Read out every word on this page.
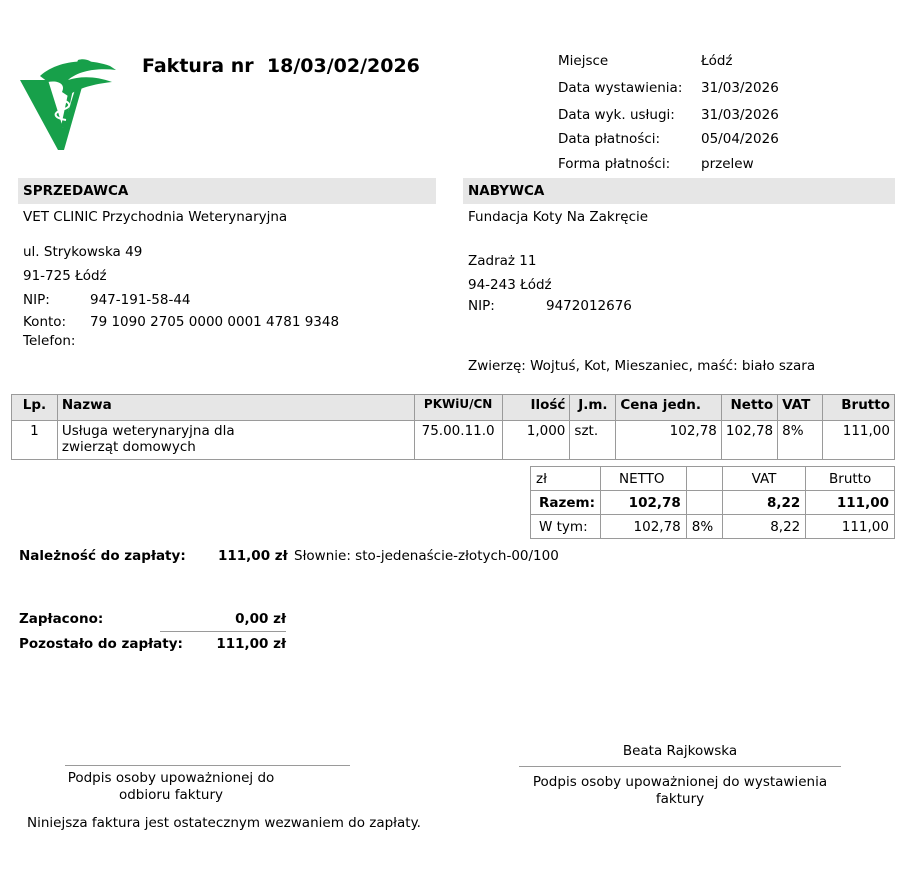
Faktura nr 18/03/02/2026	Miejsce	Łódź
Data wystawienia: 31/03/2026
Data wyk. usługi: 31/03/2026
Data płatności:	05/04/2026
Forma płatności: przelew
SPRZEDAWCA
VET CLINIC Przychodnia Weterynaryjna
ul. Strykowska 49
91-725 Łódź
NIP:	947-191-58-44
Konto: 79 1090 2705 0000 0001 4781 9348
Telefon:
NABYWCA
Fundacja Koty Na Zakręcie
Zadraż 11
94-243 Łódź
NIP:	9472012676
Zwierzę: Wojtuś, Kot, Mieszaniec, maść: biało szara
Lp.	Nazwa	PKWiU/CN	Ilość	J.m.	Cena jedn.	Netto	VAT	Brutto
1	Usługa weterynaryjna dla
zwierząt domowych	75.00.11.0	1,000	szt.	102,78	102,78	8%	111,00
zł	NETTO		VAT	Brutto
Razem:	102,78		8,22	111,00
W tym:	102,78	8%	8,22	111,00
Należność do zapłaty: 111,00 zł Słownie: sto-jedenaście-złotych-00/100
Zapłacono:	0,00 zł
Pozostało do zapłaty:	111,00 zł
Beata Rajkowska
Podpis osoby upoważnionej do
odbioru faktury
Podpis osoby upoważnionej do wystawienia
faktury
Niniejsza faktura jest ostatecznym wezwaniem do zapłaty.
